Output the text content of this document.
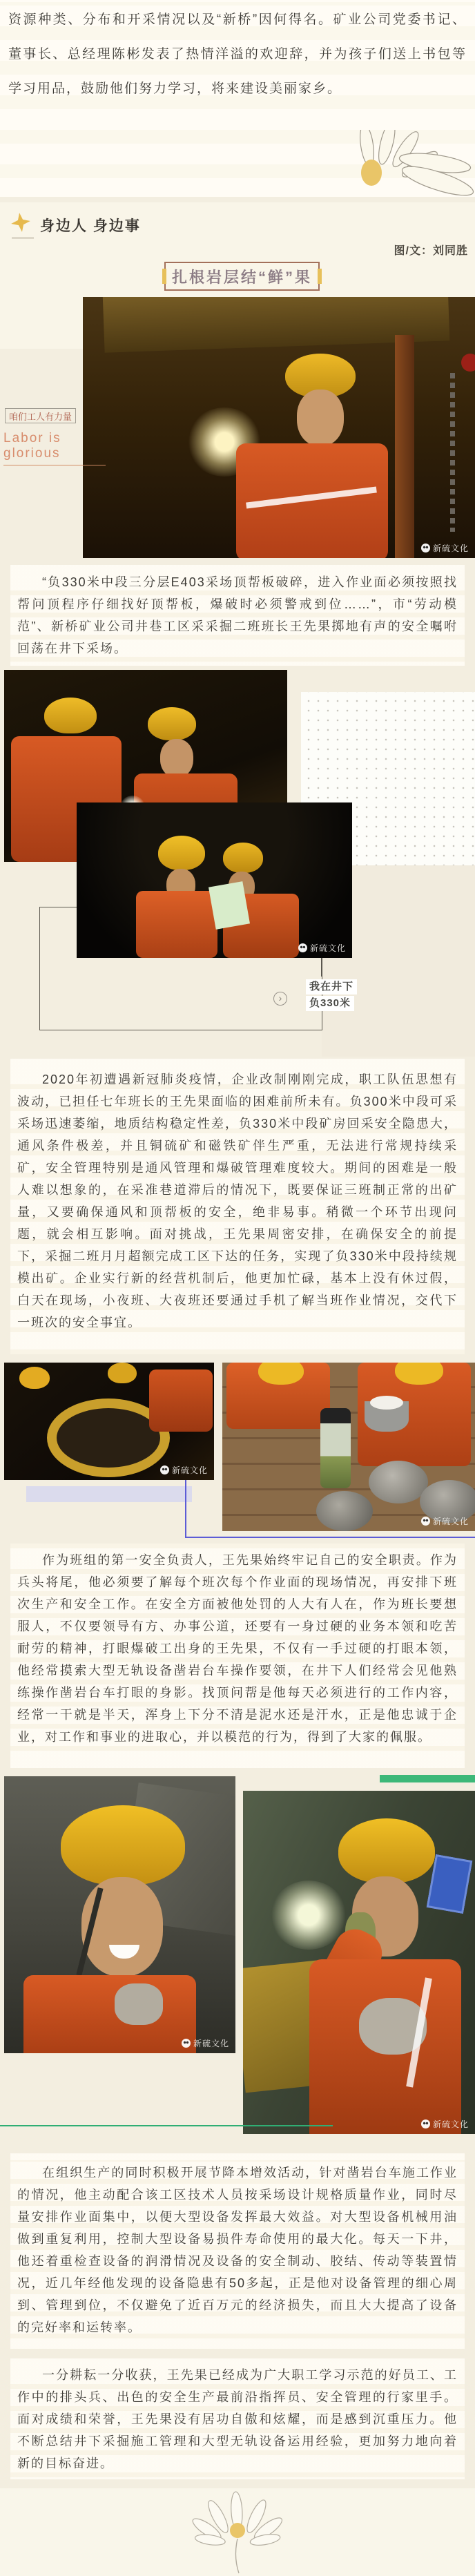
资源种类、分布和开采情况以及“新桥”因何得名。矿业公司党委书记、董事长、总经理陈彬发表了热情洋溢的欢迎辞，并为孩子们送上书包等学习用品，鼓励他们努力学习，将来建设美丽家乡。

身边人 身边事
图/文：刘同胜
扎根岩层结“鲜”果
新硫文化
咱们工人有力量
Labor is glorious

“负330米中段三分层E403采场顶帮板破碎，进入作业面必须按照找帮问顶程序仔细找好顶帮板，爆破时必须警戒到位……”，市“劳动模范”、新桥矿业公司井巷工区采采掘二班班长王先果掷地有声的安全嘱咐回荡在井下采场。

新硫文化
›
我在井下
负330米

2020年初遭遇新冠肺炎疫情，企业改制刚刚完成，职工队伍思想有波动，已担任七年班长的王先果面临的困难前所未有。负300米中段可采采场迅速萎缩，地质结构稳定性差，负330米中段矿房回采安全隐患大，通风条件极差，并且铜硫矿和磁铁矿伴生严重，无法进行常规持续采矿，安全管理特别是通风管理和爆破管理难度较大。期间的困难是一般人难以想象的，在采准巷道滞后的情况下，既要保证三班制正常的出矿量，又要确保通风和顶帮板的安全，绝非易事。稍微一个环节出现问题，就会相互影响。面对挑战，王先果周密安排，在确保安全的前提下，采掘二班月月超额完成工区下达的任务，实现了负330米中段持续规模出矿。企业实行新的经营机制后，他更加忙碌，基本上没有休过假，白天在现场，小夜班、大夜班还要通过手机了解当班作业情况，交代下一班次的安全事宜。

新硫文化
新硫文化

作为班组的第一安全负责人，王先果始终牢记自己的安全职责。作为兵头将尾，他必须要了解每个班次每个作业面的现场情况，再安排下班次生产和安全工作。在安全方面被他处罚的人大有人在，作为班长要想服人，不仅要领导有方、办事公道，还要有一身过硬的业务本领和吃苦耐劳的精神，打眼爆破工出身的王先果，不仅有一手过硬的打眼本领，他经常摸索大型无轨设备凿岩台车操作要领，在井下人们经常会见他熟练操作凿岩台车打眼的身影。找顶问帮是他每天必须进行的工作内容，经常一干就是半天，浑身上下分不清是泥水还是汗水，正是他忠诚于企业，对工作和事业的进取心，并以模范的行为，得到了大家的佩服。

新硫文化
新硫文化

在组织生产的同时积极开展节降本增效活动，针对凿岩台车施工作业的情况，他主动配合该工区技术人员按采场设计规格质量作业，同时尽量安排作业面集中，以便大型设备发挥最大效益。对大型设备机械用油做到重复利用，控制大型设备易损件寿命使用的最大化。每天一下井，他还着重检查设备的润滑情况及设备的安全制动、胶结、传动等装置情况，近几年经他发现的设备隐患有50多起，正是他对设备管理的细心周到、管理到位，不仅避免了近百万元的经济损失，而且大大提高了设备的完好率和运转率。

一分耕耘一分收获，王先果已经成为广大职工学习示范的好员工、工作中的排头兵、出色的安全生产最前沿指挥员、安全管理的行家里手。面对成绩和荣誉，王先果没有居功自傲和炫耀，而是感到沉重压力。他不断总结井下采掘施工管理和大型无轨设备运用经验，更加努力地向着新的目标奋进。
